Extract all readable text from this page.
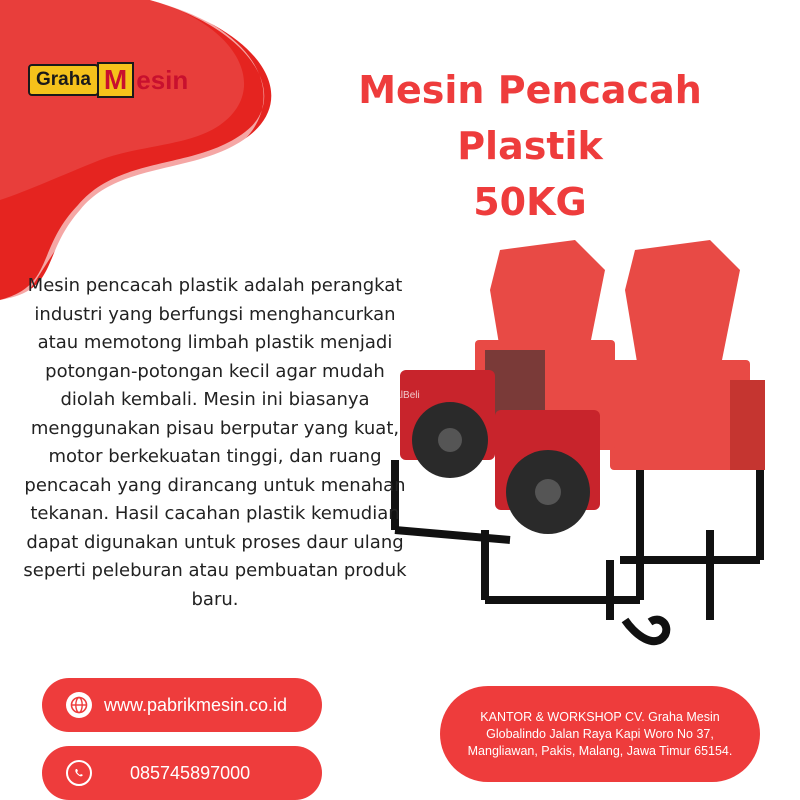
Graha M esin	Mesin Pencacah Plastik
50KG
MesinJualBeli
Mesin pencacah plastik adalah perangkat industri yang berfungsi menghancurkan atau memotong limbah plastik menjadi potongan-potongan kecil agar mudah diolah kembali. Mesin ini biasanya menggunakan pisau berputar yang kuat, motor berkekuatan tinggi, dan ruang pencacah yang dirancang untuk menahan tekanan. Hasil cacahan plastik kemudian dapat digunakan untuk proses daur ulang seperti peleburan atau pembuatan produk baru.
www.pabrikmesin.co.id
085745897000
KANTOR & WORKSHOP CV. Graha Mesin Globalindo Jalan Raya Kapi Woro No 37, Mangliawan, Pakis, Malang, Jawa Timur 65154.
